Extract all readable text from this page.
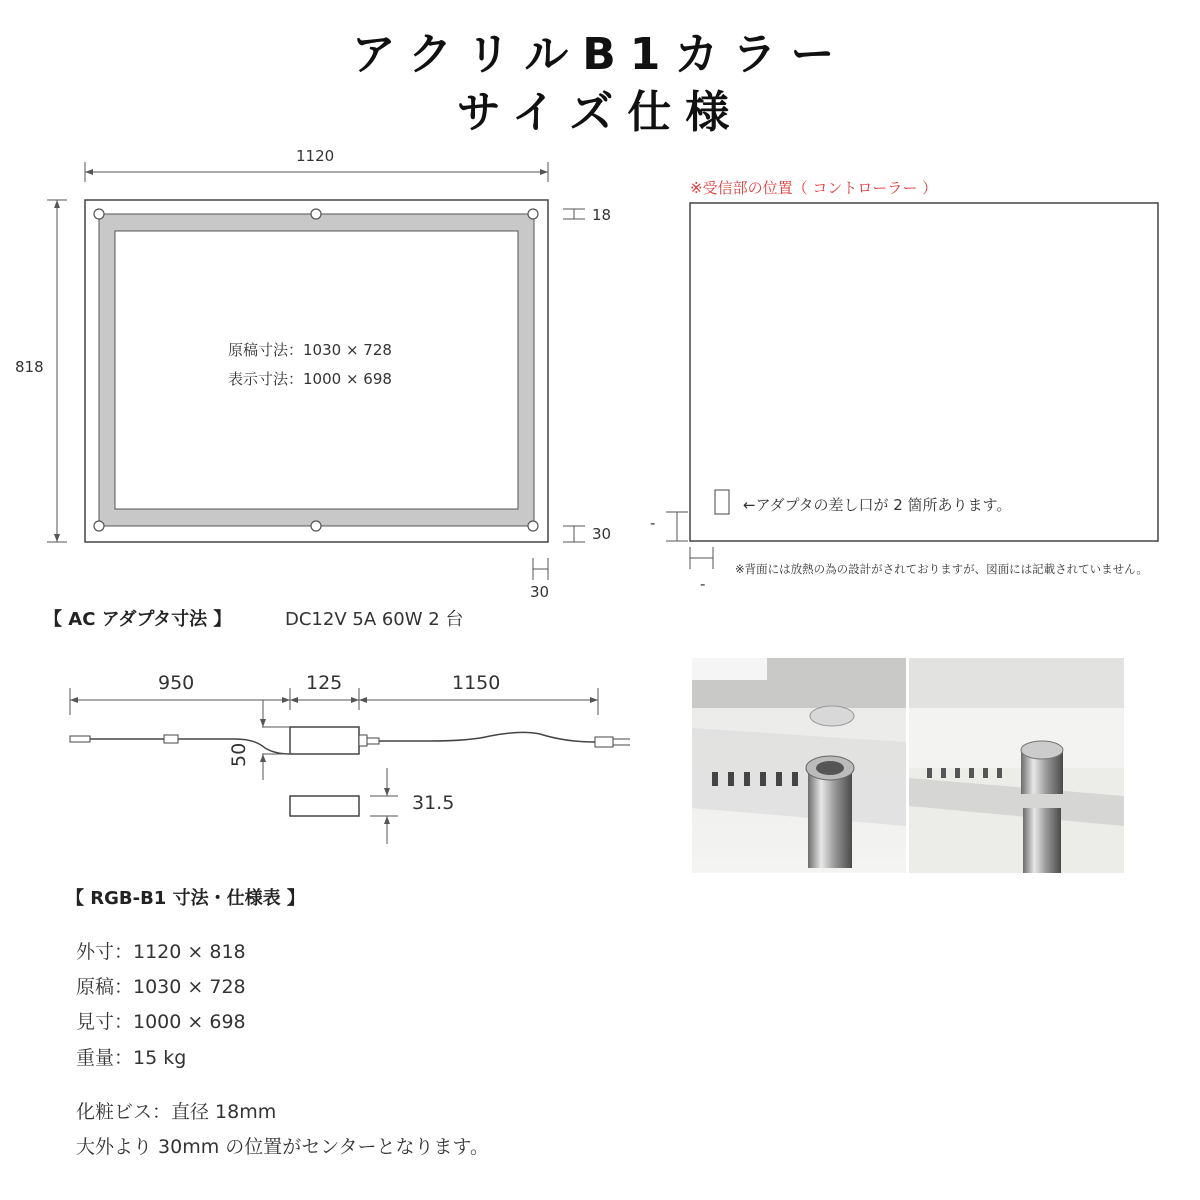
アクリルB1カラー
サイズ仕様
1120
818
18
30
30
原稿寸法：1030 × 728
表示寸法：1000 × 698
※受信部の位置（ コントローラー ）
←アダプタの差し口が 2 箇所あります。
-
-
※背面には放熱の為の設計がされておりますが、図面には記載されていません。
【 AC アダプタ寸法 】	DC12V 5A 60W 2 台
950	125	1150
50
31.5
【 RGB-B1 寸法・仕様表 】
外寸：1120 × 818
原稿：1030 × 728
見寸：1000 × 698
重量：15 kg
化粧ビス：直径 18mm
大外より 30mm の位置がセンターとなります。
